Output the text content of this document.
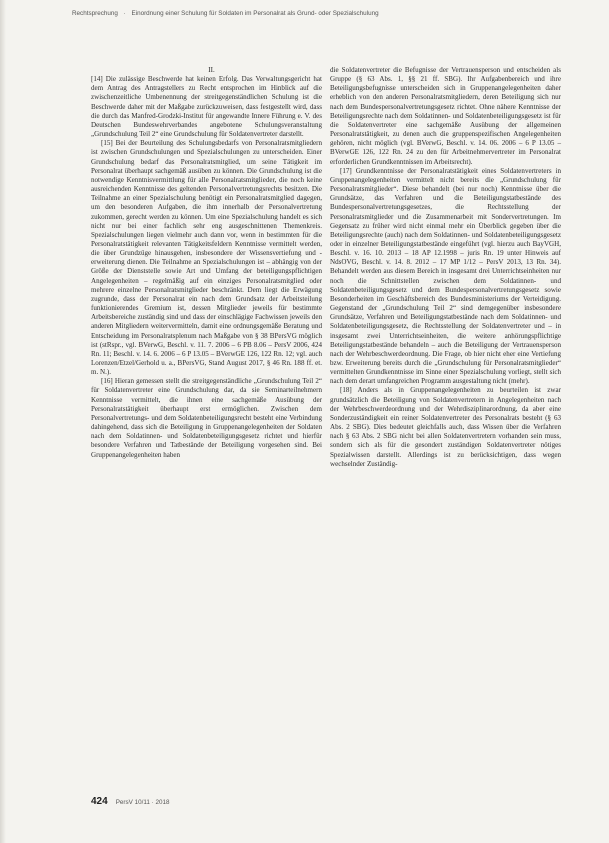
Rechtsprechung · Einordnung einer Schulung für Soldaten im Personalrat als Grund- oder Spezialschulung

II.

[14] Die zulässige Beschwerde hat keinen Erfolg. Das Verwaltungsgericht hat dem Antrag des Antragstellers zu Recht entsprochen im Hinblick auf die zwischenzeitliche Umbenennung der streitgegenständlichen Schulung ist die Beschwerde daher mit der Maßgabe zurückzuweisen, dass festgestellt wird, dass die durch das Manfred-Grodzki-Institut für angewandte Innere Führung e. V. des Deutschen Bundeswehrverbandes angebotene Schulungsveranstaltung „Grundschulung Teil 2“ eine Grundschulung für Soldatenvertreter darstellt.

[15] Bei der Beurteilung des Schulungsbedarfs von Personalratsmitgliedern ist zwischen Grundschulungen und Spezialschulungen zu unterscheiden. Einer Grundschulung bedarf das Personalratsmitglied, um seine Tätigkeit im Personalrat überhaupt sachgemäß ausüben zu können. Die Grundschulung ist die notwendige Kenntnisvermittlung für alle Personalratsmitglieder, die noch keine ausreichenden Kenntnisse des geltenden Personalvertretungsrechts besitzen. Die Teilnahme an einer Spezialschulung benötigt ein Personalratsmitglied dagegen, um den besonderen Aufgaben, die ihm innerhalb der Personalvertretung zukommen, gerecht werden zu können. Um eine Spezialschulung handelt es sich nicht nur bei einer fachlich sehr eng ausgeschnittenen Themenkreis. Spezialschulungen liegen vielmehr auch dann vor, wenn in bestimmten für die Personalratstätigkeit relevanten Tätigkeitsfeldern Kenntnisse vermittelt werden, die über Grundzüge hinausgehen, insbesondere der Wissensvertiefung und -erweiterung dienen. Die Teilnahme an Spezialschulungen ist – abhängig von der Größe der Dienststelle sowie Art und Umfang der beteiligungspflichtigen Angelegenheiten – regelmäßig auf ein einziges Personalratsmitglied oder mehrere einzelne Personalratsmitglieder beschränkt. Dem liegt die Erwägung zugrunde, dass der Personalrat ein nach dem Grundsatz der Arbeitsteilung funktionierendes Gremium ist, dessen Mitglieder jeweils für bestimmte Arbeitsbereiche zuständig sind und dass der einschlägige Fachwissen jeweils den anderen Mitgliedern weitervermitteln, damit eine ordnungsgemäße Beratung und Entscheidung im Personalratsplenum nach Maßgabe von § 38 BPersVG möglich ist (stRspr., vgl. BVerwG, Beschl. v. 11. 7. 2006 – 6 PB 8.06 – PersV 2006, 424 Rn. 11; Beschl. v. 14. 6. 2006 – 6 P 13.05 – BVerwGE 126, 122 Rn. 12; vgl. auch Lorenzen/Etzel/Gerhold u. a., BPersVG, Stand August 2017, § 46 Rn. 188 ff. et. m. N.).

[16] Hieran gemessen stellt die streitgegenständliche „Grundschulung Teil 2“ für Soldatenvertreter eine Grundschulung dar, da sie Seminarteilnehmern Kenntnisse vermittelt, die ihnen eine sachgemäße Ausübung der Personalratstätigkeit überhaupt erst ermöglichen. Zwischen dem Personalvertretungs- und dem Soldatenbeteiligungsrecht besteht eine Verbindung dahingehend, dass sich die Beteiligung in Gruppenangelegenheiten der Soldaten nach dem Soldatinnen- und Soldatenbeteiligungsgesetz richtet und hierfür besondere Verfahren und Tatbestände der Beteiligung vorgesehen sind. Bei Gruppenangelegenheiten haben

die Soldatenvertreter die Befugnisse der Vertrauensperson und entscheiden als Gruppe (§ 63 Abs. 1, §§ 21 ff. SBG). Ihr Aufgabenbereich und ihre Beteiligungsbefugnisse unterscheiden sich in Gruppenangelegenheiten daher erheblich von den anderen Personalratsmitgliedern, deren Beteiligung sich nur nach dem Bundespersonalvertretungsgesetz richtet. Ohne nähere Kenntnisse der Beteiligungsrechte nach dem Soldatinnen- und Soldatenbeteiligungsgesetz ist für die Soldatenvertreter eine sachgemäße Ausübung der allgemeinen Personalratstätigkeit, zu denen auch die gruppenspezifischen Angelegenheiten gehören, nicht möglich (vgl. BVerwG, Beschl. v. 14. 06. 2006 – 6 P 13.05 – BVerwGE 126, 122 Rn. 24 zu den für Arbeitnehmervertreter im Personalrat erforderlichen Grundkenntnissen im Arbeitsrecht).

[17] Grundkenntnisse der Personalratstätigkeit eines Soldatenvertreters in Gruppenangelegenheiten vermittelt nicht bereits die „Grundschulung für Personalratsmitglieder“. Diese behandelt (bei nur noch) Kenntnisse über die Grundsätze, das Verfahren und die Beteiligungstatbestände des Bundespersonalvertretungsgesetzes, die Rechtsstellung der Personalratsmitglieder und die Zusammenarbeit mit Sondervertretungen. Im Gegensatz zu früher wird nicht einmal mehr ein Überblick gegeben über die Beteiligungsrechte (auch) nach dem Soldatinnen- und Soldatenbeteiligungsgesetz oder in einzelner Beteiligungstatbestände eingeführt (vgl. hierzu auch BayVGH, Beschl. v. 16. 10. 2013 – 18 AP 12.1998 – juris Rn. 19 unter Hinweis auf NdsOVG, Beschl. v. 14. 8. 2012 – 17 MP 1/12 – PersV 2013, 13 Rn. 34). Behandelt werden aus diesem Bereich in insgesamt drei Unterrichtseinheiten nur noch die Schnittstellen zwischen dem Soldatinnen- und Soldatenbeteiligungsgesetz und dem Bundespersonalvertretungsgesetz sowie Besonderheiten im Geschäftsbereich des Bundesministeriums der Verteidigung. Gegenstand der „Grundschulung Teil 2“ sind demgegenüber insbesondere Grundsätze, Verfahren und Beteiligungstatbestände nach dem Soldatinnen- und Soldatenbeteiligungsgesetz, die Rechtsstellung der Soldatenvertreter und – in insgesamt zwei Unterrichtseinheiten, die weitere anhörungspflichtige Beteiligungstatbestände behandeln – auch die Beteiligung der Vertrauensperson nach der Wehrbeschwerdeordnung. Die Frage, ob hier nicht eher eine Vertiefung bzw. Erweiterung bereits durch die „Grundschulung für Personalratsmitglieder“ vermittelten Grundkenntnisse im Sinne einer Spezialschulung vorliegt, stellt sich nach dem derart umfangreichen Programm ausgestaltung nicht (mehr).

[18] Anders als in Gruppenangelegenheiten zu beurteilen ist zwar grundsätzlich die Beteiligung von Soldatenvertretern in Angelegenheiten nach der Wehrbeschwerdeordnung und der Wehrdisziplinarordnung, da aber eine Sonderzuständigkeit ein reiner Soldatenvertreter des Personalrats besteht (§ 63 Abs. 2 SBG). Dies bedeutet gleichfalls auch, dass Wissen über die Verfahren nach § 63 Abs. 2 SBG nicht bei allen Soldatenvertretern vorhanden sein muss, sondern sich als für die gesondert zuständigen Soldatenvertreter nötiges Spezialwissen darstellt. Allerdings ist zu berücksichtigen, dass wegen wechselnder Zuständig-

424 PersV 10/11 · 2018
